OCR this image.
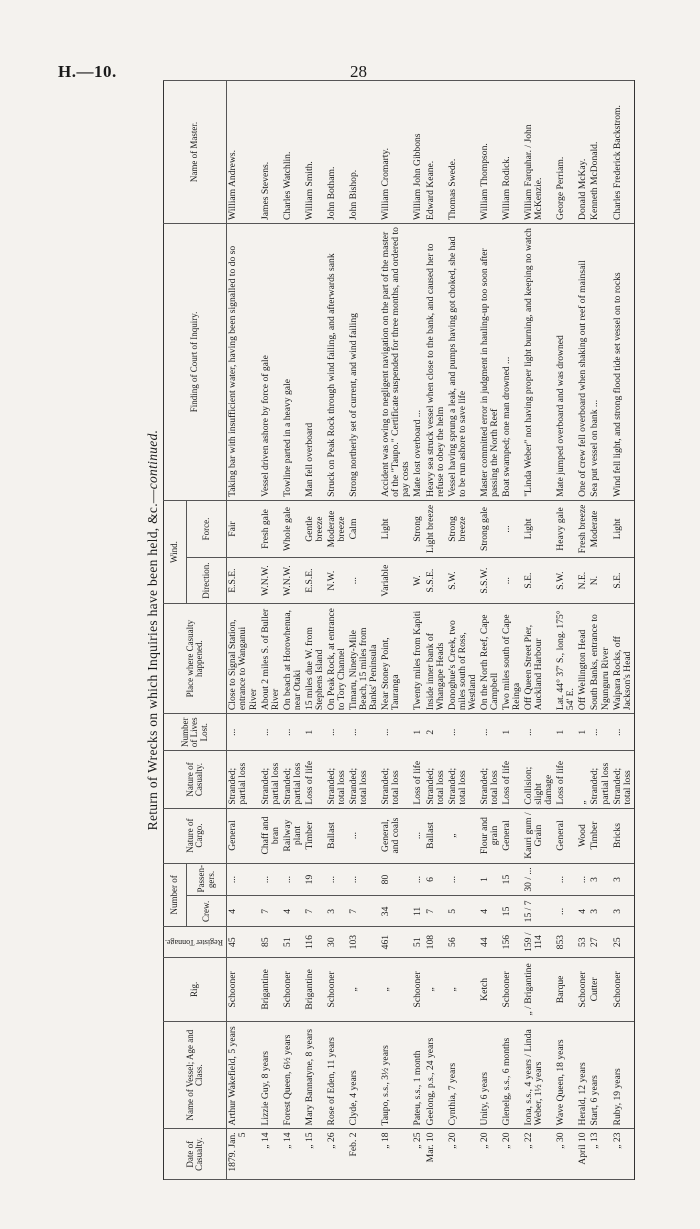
H.—10.	28
Return of Wrecks on which Inquiries have been held, &c.—continued.
Date of Casualty.	Name of Vessel; Age and Class.	Rig.	Register Tonnage.	Number of		Nature of Cargo.	Nature of Casualty.	Number of Lives Lost.	Place where Casualty happened.	Wind.		Finding of Court of Inquiry.	Name of Master.
				Crew.	Passen-gers.					Direction.	Force.		
1879. Jan. 5	Arthur Wakefield, 5 years	Schooner	45	4	...	General	Stranded; partial loss	...	Close to Signal Station, entrance to Wanganui River	E.S.E.	Fair	Taking bar with insufficient water, having been signalled to do so	William Andrews.
„ 14	Lizzie Guy, 8 years	Brigantine	85	7	...	Chaff and bran	Stranded; partial loss	...	About 2 miles S. of Buller River	W.N.W.	Fresh gale	Vessel driven ashore by force of gale	James Stevens.
„ 14	Forest Queen, 6½ years	Schooner	51	4	...	Railway plant	Stranded; partial loss	...	On beach at Horowhenua, near Otaki	W.N.W.	Whole gale	Towline parted in a heavy gale	Charles Watchlin.
„ 15	Mary Bannatyne, 8 years	Brigantine	116	7	19	Timber	Loss of life	1	15 miles due W. from Stephens Island	E.S.E.	Gentle breeze	Man fell overboard	William Smith.
„ 26	Rose of Eden, 11 years	Schooner	30	3	...	Ballast	Stranded; total loss	...	On Peak Rock, at entrance to Tory Channel	N.W.	Moderate breeze	Struck on Peak Rock through wind failing, and afterwards sank	John Botham.
Feb. 2	Clyde, 4 years	„	103	7	...	...	Stranded; total loss	...	Timaru, Ninety-Mile Beach, 15 miles from Banks' Peninsula	...	Calm	Strong northerly set of current, and wind failing	John Bishop.
„ 18	Taupo, s.s., 3½ years	„	461	34	80	General, and coals	Stranded; total loss	...	Near Stoney Point, Tauranga	Variable	Light	Accident was owing to negligent navigation on the part of the master of the "Taupo." Certificate suspended for three months, and ordered to pay costs	William Cromarty.
„ 25	Pateu, s.s., 1 month	Schooner	51	11	...	...	Loss of life	1	Twenty miles from Kapiti	W.	Strong	Mate lost overboard ...	William John Gibbons
Mar. 10	Geelong, p.s., 24 years	„	108	7	6	Ballast	Stranded; total loss	2	Inside inner bank of Whangape Heads	S.S.E.	Light breeze	Heavy sea struck vessel when close to the bank, and caused her to refuse to obey the helm	Edward Keane.
„ 20	Cynthia, 7 years	„	56	5	...	„	Stranded; total loss	...	Donoghue's Creek, two miles south of Ross, Westland	S.W.	Strong breeze	Vessel having sprung a leak, and pumps having got choked, she had to be run ashore to save life	Thomas Swede.
„ 20	Unity, 6 years	Ketch	44	4	1	Flour and grain	Stranded; total loss	...	On the North Reef, Cape Campbell	S.S.W.	Strong gale	Master committed error in judgment in hauling-up too soon after passing the North Reef	William Thompson.
„ 20	Glenelg, s.s., 6 months	Schooner	156	15	15	General	Loss of life	1	Two miles south of Cape Reinga	...	...	Boat swamped; one man drowned ...	William Rodick.
„ 22	Iona, s.s., 4 years / Linda Weber, 1½ years	„ / Brigantine	159 / 114	15 / 7	30 / ...	Kauri gum / Grain	Collision; slight damage	...	Off Queen Street Pier, Auckland Harbour	S.E.	Light	"Linda Weber" not having proper light burning, and keeping no watch	William Farquhar. / John McKenzie.
„ 30	Wave Queen, 18 years	Barque	853	...	...	General	Loss of life	1	Lat. 44° 37' S., long. 175° 54' E.	S.W.	Heavy gale	Mate jumped overboard and was drowned	George Perriam.
April 10	Herald, 12 years	Schooner	53	4	...	Wood	„	1	Off Wellington Head	N.E.	Fresh breeze	One of crew fell overboard when shaking out reef of mainsail	Donald McKay.
„ 13	Start, 6 years	Cutter	27	3	3	Timber	Stranded; partial loss	...	South Banks, entrance to Ngunguru River	N.	Moderate	Sea put vessel on bank ...	Kenneth McDonald.
„ 23	Ruby, 19 years	Schooner	25	3	3	Bricks	Stranded; total loss	...	Waipara Rocks, off Jackson's Head	S.E.	Light	Wind fell light, and strong flood tide set vessel on to rocks	Charles Frederick Backstrom.
